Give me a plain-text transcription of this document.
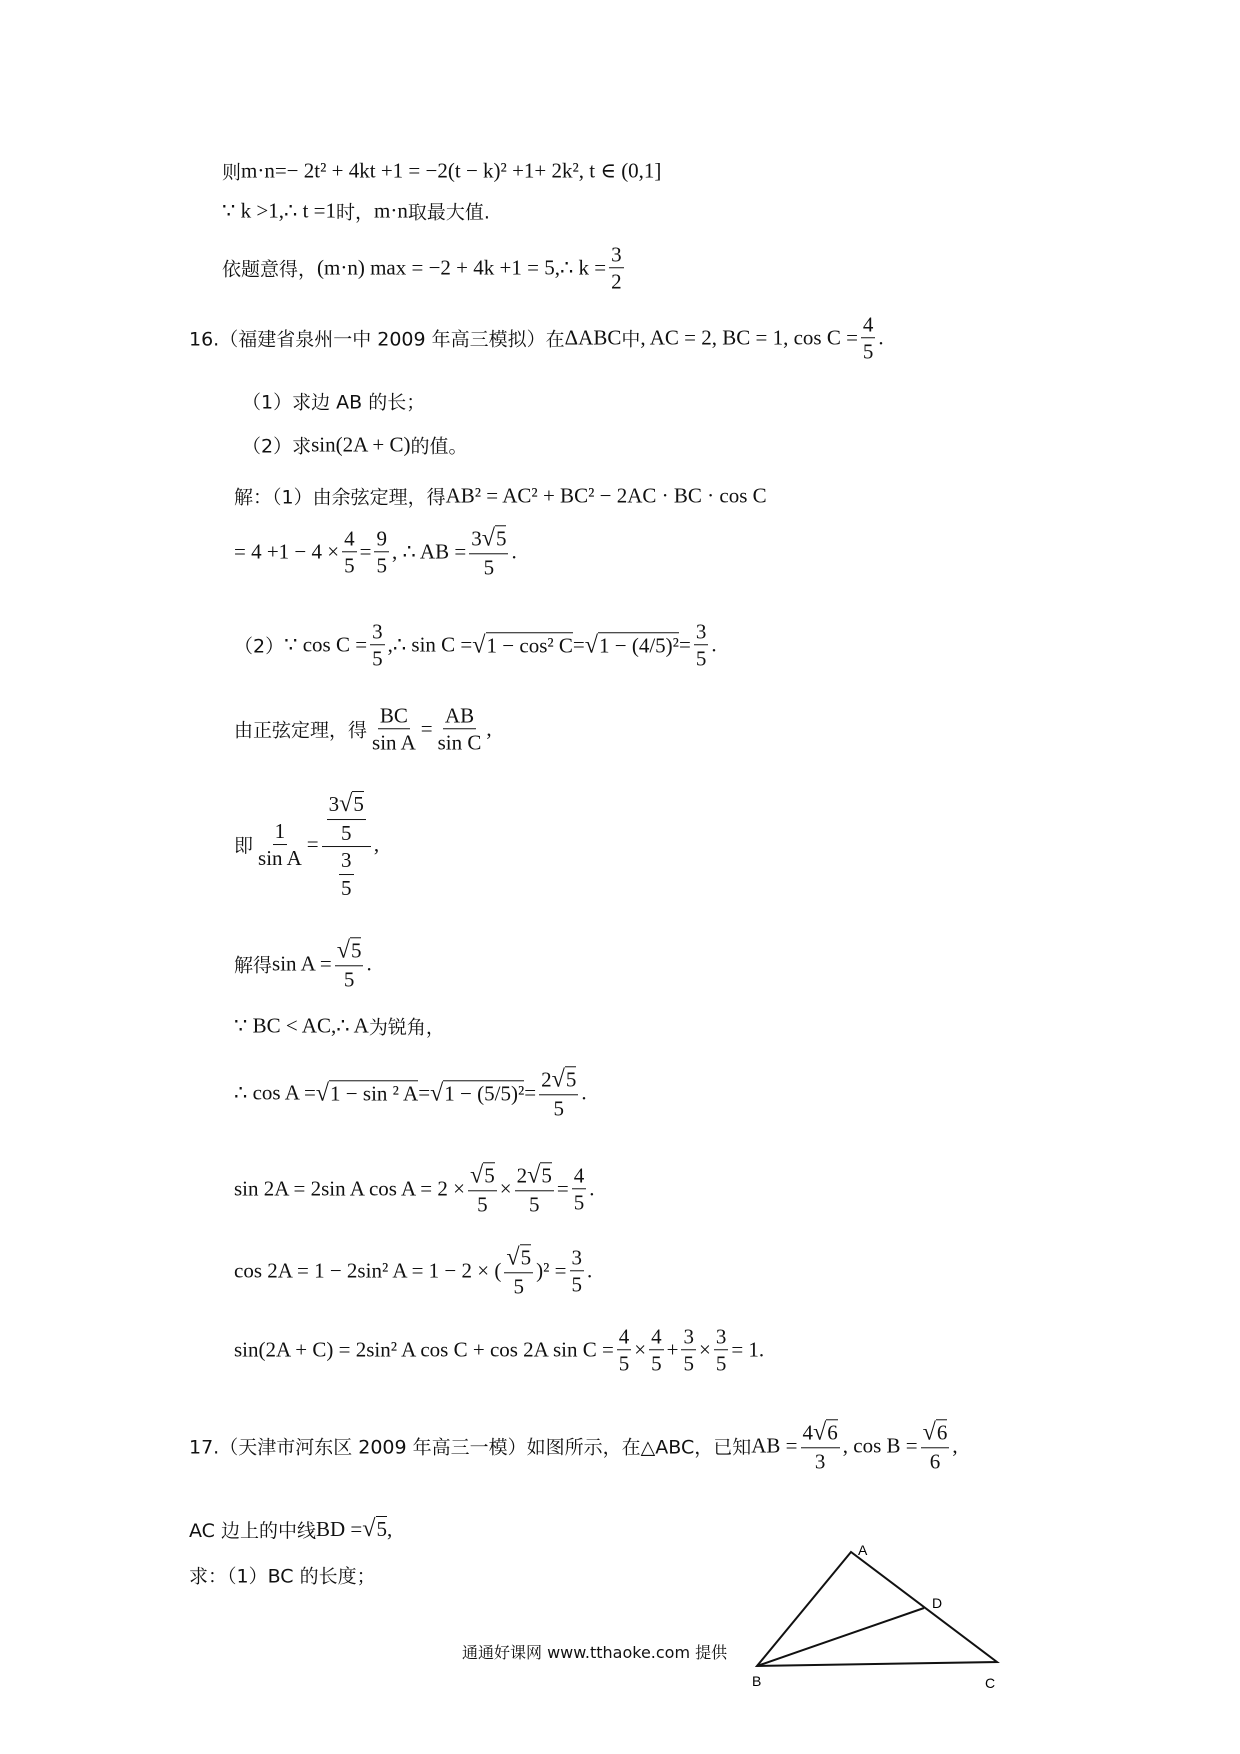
则 m·n=− 2t² + 4kt +1 = −2(t − k)² +1+ 2k², t ∈ (0,1]
∵ k >1,∴ t =1 时， m·n 取最大值.
依题意得， (m·n) max = −2 + 4k +1 = 5,∴ $k = \frac{3}{2}$
16.（福建省泉州一中 2009 年高三模拟）在 ΔABC 中 , AC = 2, BC = 1, $\cos C = \frac{4}{5}$ .
（1）求边 AB 的长；
（2）求 sin(2A + C) 的值。
解：（1）由余弦定理，得 AB² = AC² + BC² − 2AC · BC · cos C
= $4 +1 - 4 \times \frac{4}{5} = \frac{9}{5}$ , ∴ AB = $\frac{3√5}{5}$ .
（2） ∵ $\cos C = \frac{3}{5}$ ,∴ sin C = √1 − cos² $C = √1 - (4/5)^2 = \frac{3}{5}$ .
由正弦定理，得 $\frac{BC}{\text{sin A}} = \frac{AB}{\text{sin C}}$ ,
即 $\frac{1}{\text{sin A}} = \frac{\frac{3√5}{5}}{\frac{3}{5}}$ ,
解得 $\sin A = \frac{√5}{5}$ .
∵ BC < AC,∴ A 为锐角，
∴ cos A = √1 − sin ² $A = √1 - (5/5)^2 = \frac{2√5}{5}$ .
sin 2A = 2sin A $\cos A = 2 \times \frac{√5}{5} \times \frac{2√5}{5} = \frac{4}{5}$ .
cos 2A = 1 − 2sin² A = 1 − 2 × ( $\frac{√5}{5} )^2 = \frac{3}{5}$ .
sin(2A + C) = 2sin² A cos C + cos 2A $\sin C = \frac{4}{5} \times \frac{4}{5} + \frac{3}{5} \times \frac{3}{5} = 1$.
17.（天津市河东区 2009 年高三一模）如图所示，在△ABC，已知 AB = $\frac{4√6}{3}$ , $\cos B = \frac{√6}{6}$ ,
AC 边上的中线 BD = √5 ,
求：（1）BC 的长度；
通通好课网 www.tthaoke.com 提供
A
D
B	C
